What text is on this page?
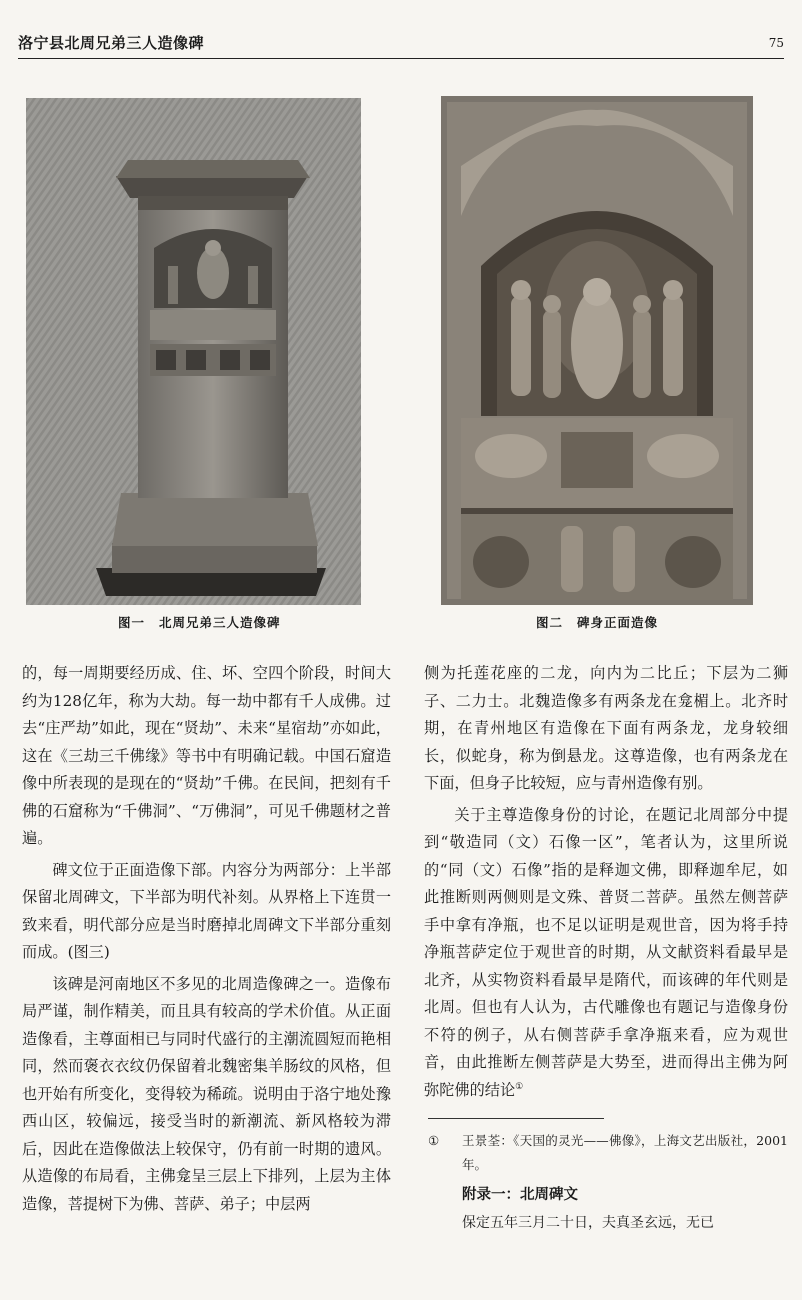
洛宁县北周兄弟三人造像碑	75
图一 北周兄弟三人造像碑	图二 碑身正面造像

的，每一周期要经历成、住、坏、空四个阶段，时间大约为128亿年，称为大劫。每一劫中都有千人成佛。过去“庄严劫”如此，现在“贤劫”、未来“星宿劫”亦如此，这在《三劫三千佛缘》等书中有明确记载。中国石窟造像中所表现的是现在的“贤劫”千佛。在民间，把刻有千佛的石窟称为“千佛洞”、“万佛洞”，可见千佛题材之普遍。

碑文位于正面造像下部。内容分为两部分：上半部保留北周碑文，下半部为明代补刻。从界格上下连贯一致来看，明代部分应是当时磨掉北周碑文下半部分重刻而成。(图三)

该碑是河南地区不多见的北周造像碑之一。造像布局严谨，制作精美，而且具有较高的学术价值。从正面造像看，主尊面相已与同时代盛行的主潮流圆短而艳相同，然而褒衣衣纹仍保留着北魏密集羊肠纹的风格，但也开始有所变化，变得较为稀疏。说明由于洛宁地处豫西山区，较偏远，接受当时的新潮流、新风格较为滞后，因此在造像做法上较保守，仍有前一时期的遗风。从造像的布局看，主佛龛呈三层上下排列，上层为主体造像，菩提树下为佛、菩萨、弟子；中层两

侧为托莲花座的二龙，向内为二比丘；下层为二狮子、二力士。北魏造像多有两条龙在龛楣上。北齐时期，在青州地区有造像在下面有两条龙，龙身较细长，似蛇身，称为倒悬龙。这尊造像，也有两条龙在下面，但身子比较短，应与青州造像有别。

关于主尊造像身份的讨论，在题记北周部分中提到“敬造同（文）石像一区”，笔者认为，这里所说的“同（文）石像”指的是释迦文佛，即释迦牟尼，如此推断则两侧则是文殊、普贤二菩萨。虽然左侧菩萨手中拿有净瓶，也不足以证明是观世音，因为将手持净瓶菩萨定位于观世音的时期，从文献资料看最早是北齐，从实物资料看最早是隋代，而该碑的年代则是北周。但也有人认为，古代雕像也有题记与造像身份不符的例子，从右侧菩萨手拿净瓶来看，应为观世音，由此推断左侧菩萨是大势至，进而得出主佛为阿弥陀佛的结论①

① 王景荃：《天国的灵光——佛像》，上海文艺出版社，2001年。
附录一：北周碑文
保定五年三月二十日，夫真圣玄远，无已
